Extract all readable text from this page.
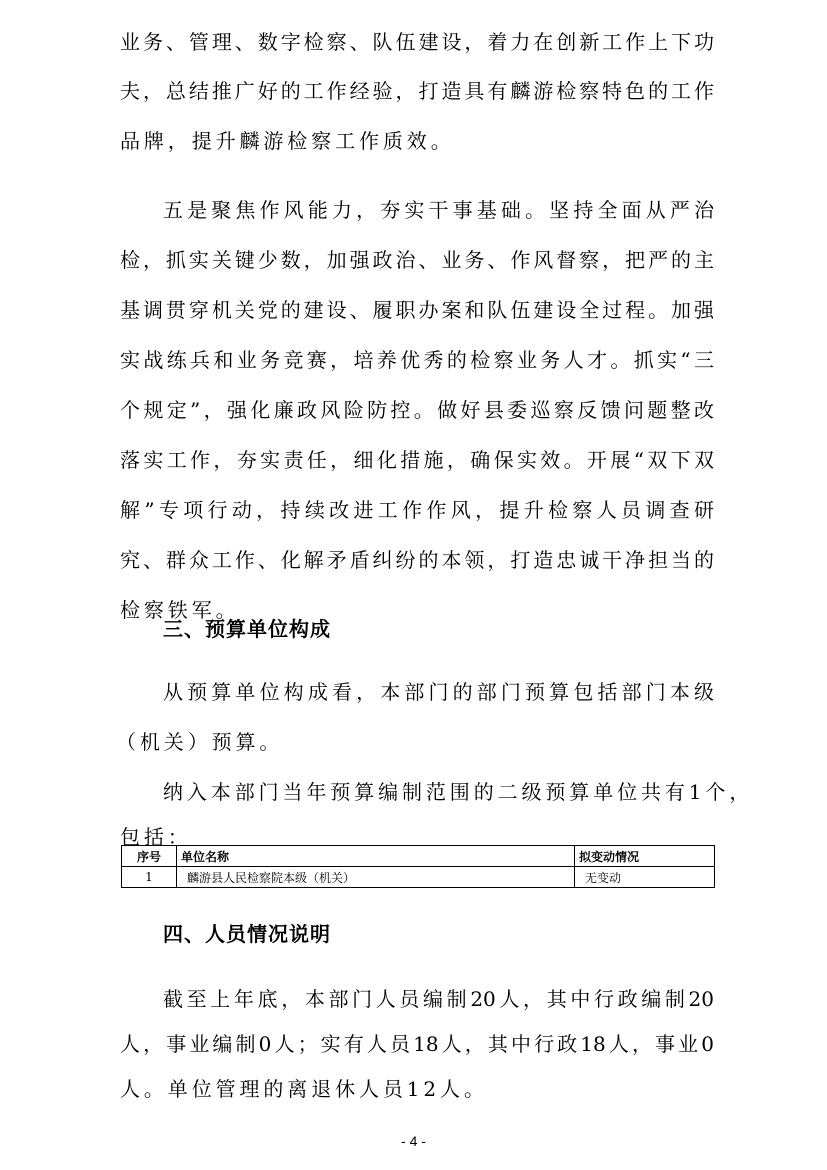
业务、管理、数字检察、队伍建设，着力在创新工作上下功
夫，总结推广好的工作经验，打造具有麟游检察特色的工作
品牌，提升麟游检察工作质效。
五是聚焦作风能力，夯实干事基础。坚持全面从严治
检，抓实关键少数，加强政治、业务、作风督察，把严的主
基调贯穿机关党的建设、履职办案和队伍建设全过程。加强
实战练兵和业务竞赛，培养优秀的检察业务人才。抓实“三
个规定”，强化廉政风险防控。做好县委巡察反馈问题整改
落实工作，夯实责任，细化措施，确保实效。开展“双下双
解”专项行动，持续改进工作作风，提升检察人员调查研
究、群众工作、化解矛盾纠纷的本领，打造忠诚干净担当的
检察铁军。
三、预算单位构成
从预算单位构成看，本部门的部门预算包括部门本级
（机关）预算。
纳入本部门当年预算编制范围的二级预算单位共有1个，
包括：
序号	单位名称	拟变动情况
1	麟游县人民检察院本级（机关）	无变动
四、人员情况说明
截至上年底，本部门人员编制20人，其中行政编制20
人，事业编制0人；实有人员18人，其中行政18人，事业0
人。单位管理的离退休人员12人。
- 4 -
